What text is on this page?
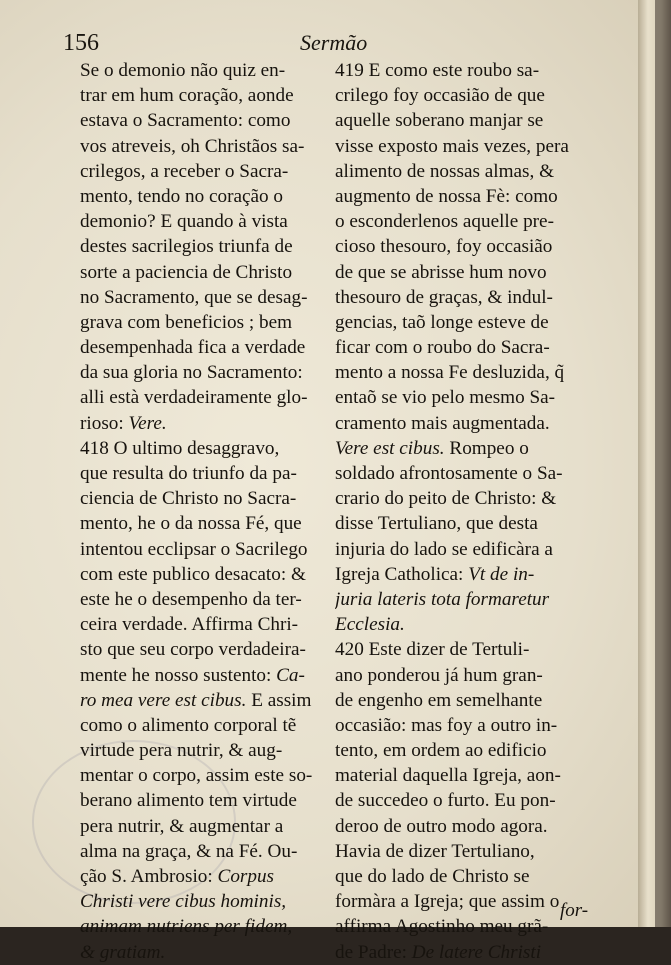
156	Sermão
Se o demonio não quiz en-
trar em hum coração, aonde
estava o Sacramento: como
vos atreveis, oh Christãos sa-
crilegos, a receber o Sacra-
mento, tendo no coração o
demonio? E quando à vista
destes sacrilegios triunfa de
sorte a paciencia de Christo
no Sacramento, que se desag-
grava com beneficios ; bem
desempenhada fica a verdade
da sua gloria no Sacramento:
alli està verdadeiramente glo-
rioso: Vere.
418 O ultimo desaggravo,
que resulta do triunfo da pa-
ciencia de Christo no Sacra-
mento, he o da nossa Fé, que
intentou ecclipsar o Sacrilego
com este publico desacato: &
este he o desempenho da ter-
ceira verdade. Affirma Chri-
sto que seu corpo verdadeira-
mente he nosso sustento: Ca-
ro mea vere est cibus. E assim
como o alimento corporal tẽ
virtude pera nutrir, & aug-
mentar o corpo, assim este so-
berano alimento tem virtude
pera nutrir, & augmentar a
alma na graça, & na Fé. Ou-
ção S. Ambrosio: Corpus
Christi vere cibus hominis,
animam nutriens per fidem,
& gratiam.
419 E como este roubo sa-
crilego foy occasião de que
aquelle soberano manjar se
visse exposto mais vezes, pera
alimento de nossas almas, &
augmento de nossa Fè: como
o esconderlenos aquelle pre-
cioso thesouro, foy occasião
de que se abrisse hum novo
thesouro de graças, & indul-
gencias, taõ longe esteve de
ficar com o roubo do Sacra-
mento a nossa Fe desluzida, q̃
entaõ se vio pelo mesmo Sa-
cramento mais augmentada.
Vere est cibus. Rompeo o
soldado afrontosamente o Sa-
crario do peito de Christo: &
disse Tertuliano, que desta
injuria do lado se edificàra a
Igreja Catholica: Vt de in-
juria lateris tota formaretur
Ecclesia.
420 Este dizer de Tertuli-
ano ponderou já hum gran-
de engenho em semelhante
occasião: mas foy a outro in-
tento, em ordem ao edificio
material daquella Igreja, aon-
de succedeo o furto. Eu pon-
deroo de outro modo agora.
Havia de dizer Tertuliano,
que do lado de Christo se
formàra a Igreja; que assim o
affirma Agostinho meu grã-
de Padre: De latere Christi
for-
